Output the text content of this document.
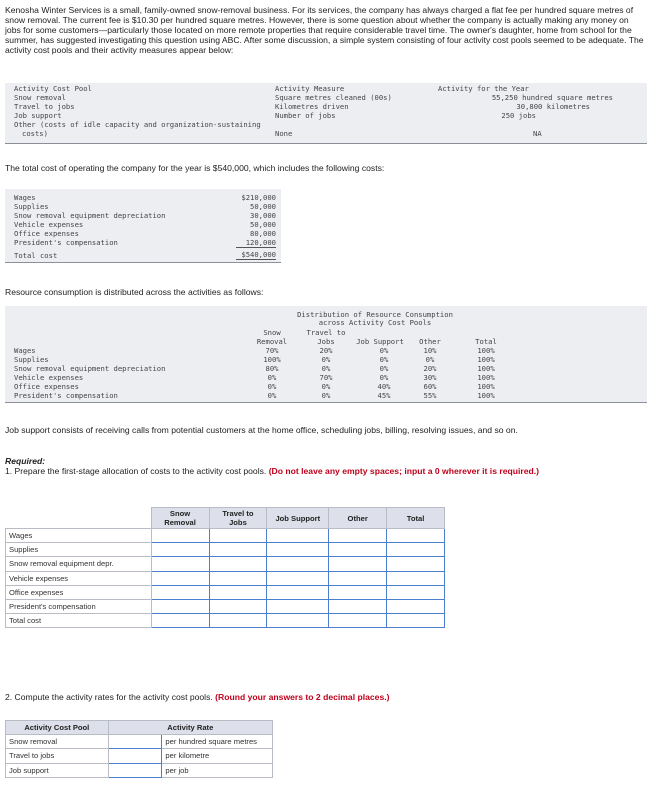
Kenosha Winter Services is a small, family-owned snow-removal business. For its services, the company has always charged a flat fee per hundred square metres of snow removal. The current fee is $10.30 per hundred square metres. However, there is some question about whether the company is actually making any money on jobs for some customers—particularly those located on more remote properties that require considerable travel time. The owner's daughter, home from school for the summer, has suggested investigating this question using ABC. After some discussion, a simple system consisting of four activity cost pools seemed to be adequate. The activity cost pools and their activity measures appear below:
Activity Cost Pool	Activity Measure	Activity for the Year
Snow removal	Square metres cleaned (00s)	55,250 hundred square metres
Travel to jobs	Kilometres driven	30,800 kilometres
Job support	Number of jobs	250 jobs
Other (costs of idle capacity and organization-sustaining
costs)	None	NA
The total cost of operating the company for the year is $540,000, which includes the following costs:
Wages	$210,000
Supplies	50,000
Snow removal equipment depreciation	30,000
Vehicle expenses	50,000
Office expenses	80,000
President's compensation	120,000
Total cost	$540,000
Resource consumption is distributed across the activities as follows:
Distribution of Resource Consumption
across Activity Cost Pools
Snow
Removal
Travel to
Jobs	Job Support	Other	Total
Wages	70%	20%	0%	10%	100%
Supplies	100%	0%	0%	0%	100%
Snow removal equipment depreciation	80%	0%	0%	20%	100%
Vehicle expenses	0%	70%	0%	30%	100%
Office expenses	0%	0%	40%	60%	100%
President's compensation	0%	0%	45%	55%	100%
Job support consists of receiving calls from potential customers at the home office, scheduling jobs, billing, resolving issues, and so on.
Required:
1. Prepare the first-stage allocation of costs to the activity cost pools. (Do not leave any empty spaces; input a 0 wherever it is required.)
	Snow
Removal	Travel to
Jobs	Job Support	Other	Total
Wages					
Supplies					
Snow removal equipment depr.					
Vehicle expenses					
Office expenses					
President's compensation					
Total cost					
2. Compute the activity rates for the activity cost pools. (Round your answers to 2 decimal places.)
Activity Cost Pool	Activity Rate	
Snow removal		per hundred square metres
Travel to jobs		per kilometre
Job support		per job
